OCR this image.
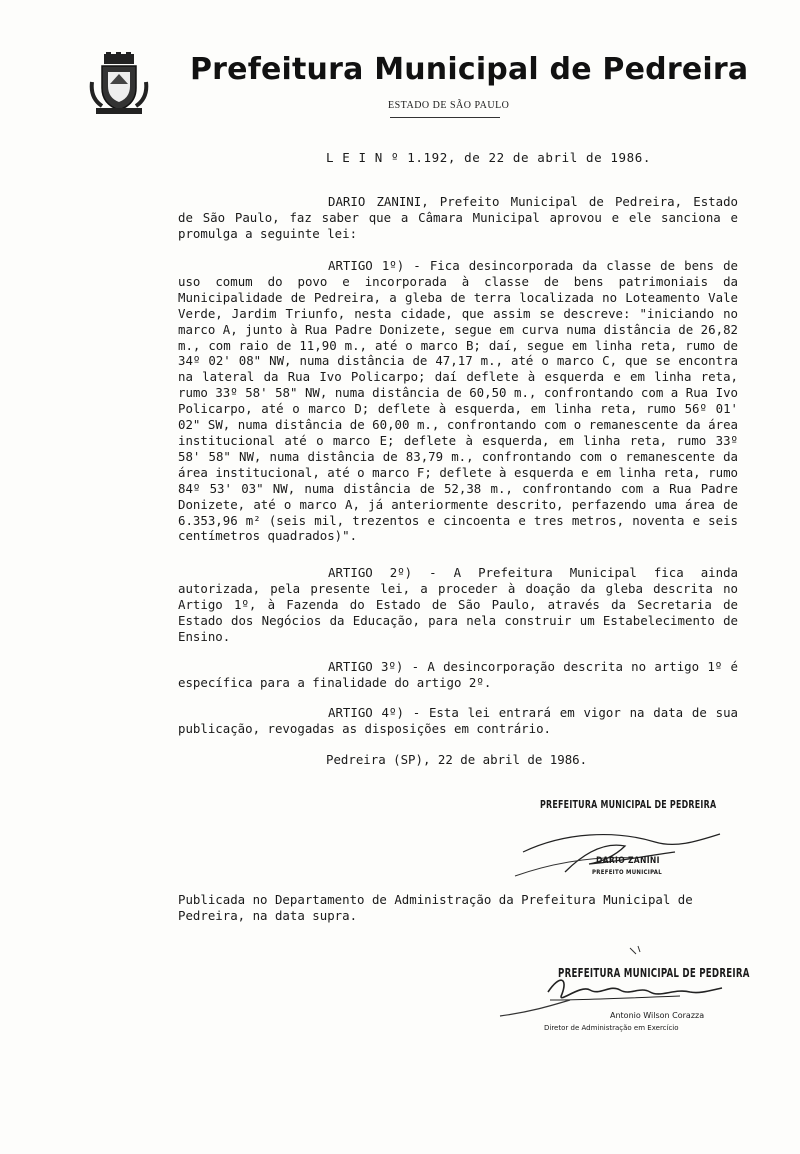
Prefeitura Municipal de Pedreira
ESTADO DE SÃO PAULO
L E I N º 1.192, de 22 de abril de 1986.
DARIO ZANINI, Prefeito Municipal de Pedreira, Estado de São Paulo, faz saber que a Câmara Municipal aprovou e ele sanciona e promulga a seguinte lei:
ARTIGO 1º) - Fica desincorporada da classe de bens de uso comum do povo e incorporada à classe de bens patrimoniais da Municipalidade de Pedreira, a gleba de terra localizada no Loteamento Vale Verde, Jardim Triunfo, nesta cidade, que assim se descreve: "iniciando no marco A, junto à Rua Padre Donizete, segue em curva numa distância de 26,82 m., com raio de 11,90 m., até o marco B; daí, segue em linha reta, rumo de 34º 02' 08" NW, numa distância de 47,17 m., até o marco C, que se encontra na lateral da Rua Ivo Policarpo; daí deflete à esquerda e em linha reta, rumo 33º 58' 58" NW, numa distância de 60,50 m., confrontando com a Rua Ivo Policarpo, até o marco D; deflete à esquerda, em linha reta, rumo 56º 01' 02" SW, numa distância de 60,00 m., confrontando com o remanescente da área institucional até o marco E; deflete à esquerda, em linha reta, rumo 33º 58' 58" NW, numa distância de 83,79 m., confrontando com o remanescente da área institucional, até o marco F; deflete à esquerda e em linha reta, rumo 84º 53' 03" NW, numa distância de 52,38 m., confrontando com a Rua Padre Donizete, até o marco A, já anteriormente descrito, perfazendo uma área de 6.353,96 m² (seis mil, trezentos e cincoenta e tres metros, noventa e seis centímetros quadrados)".
ARTIGO 2º) - A Prefeitura Municipal fica ainda autorizada, pela presente lei, a proceder à doação da gleba descrita no Artigo 1º, à Fazenda do Estado de São Paulo, através da Secretaria de Estado dos Negócios da Educação, para nela construir um Estabelecimento de Ensino.
ARTIGO 3º) - A desincorporação descrita no artigo 1º é específica para a finalidade do artigo 2º.
ARTIGO 4º) - Esta lei entrará em vigor na data de sua publicação, revogadas as disposições em contrário.
Pedreira (SP), 22 de abril de 1986.
PREFEITURA MUNICIPAL DE PEDREIRA
DARIO ZANINI
PREFEITO MUNICIPAL
Publicada no Departamento de Administração da Prefeitura Municipal de Pedreira, na data supra.
PREFEITURA MUNICIPAL DE PEDREIRA
Antonio Wilson Corazza
Diretor de Administração em Exercício
